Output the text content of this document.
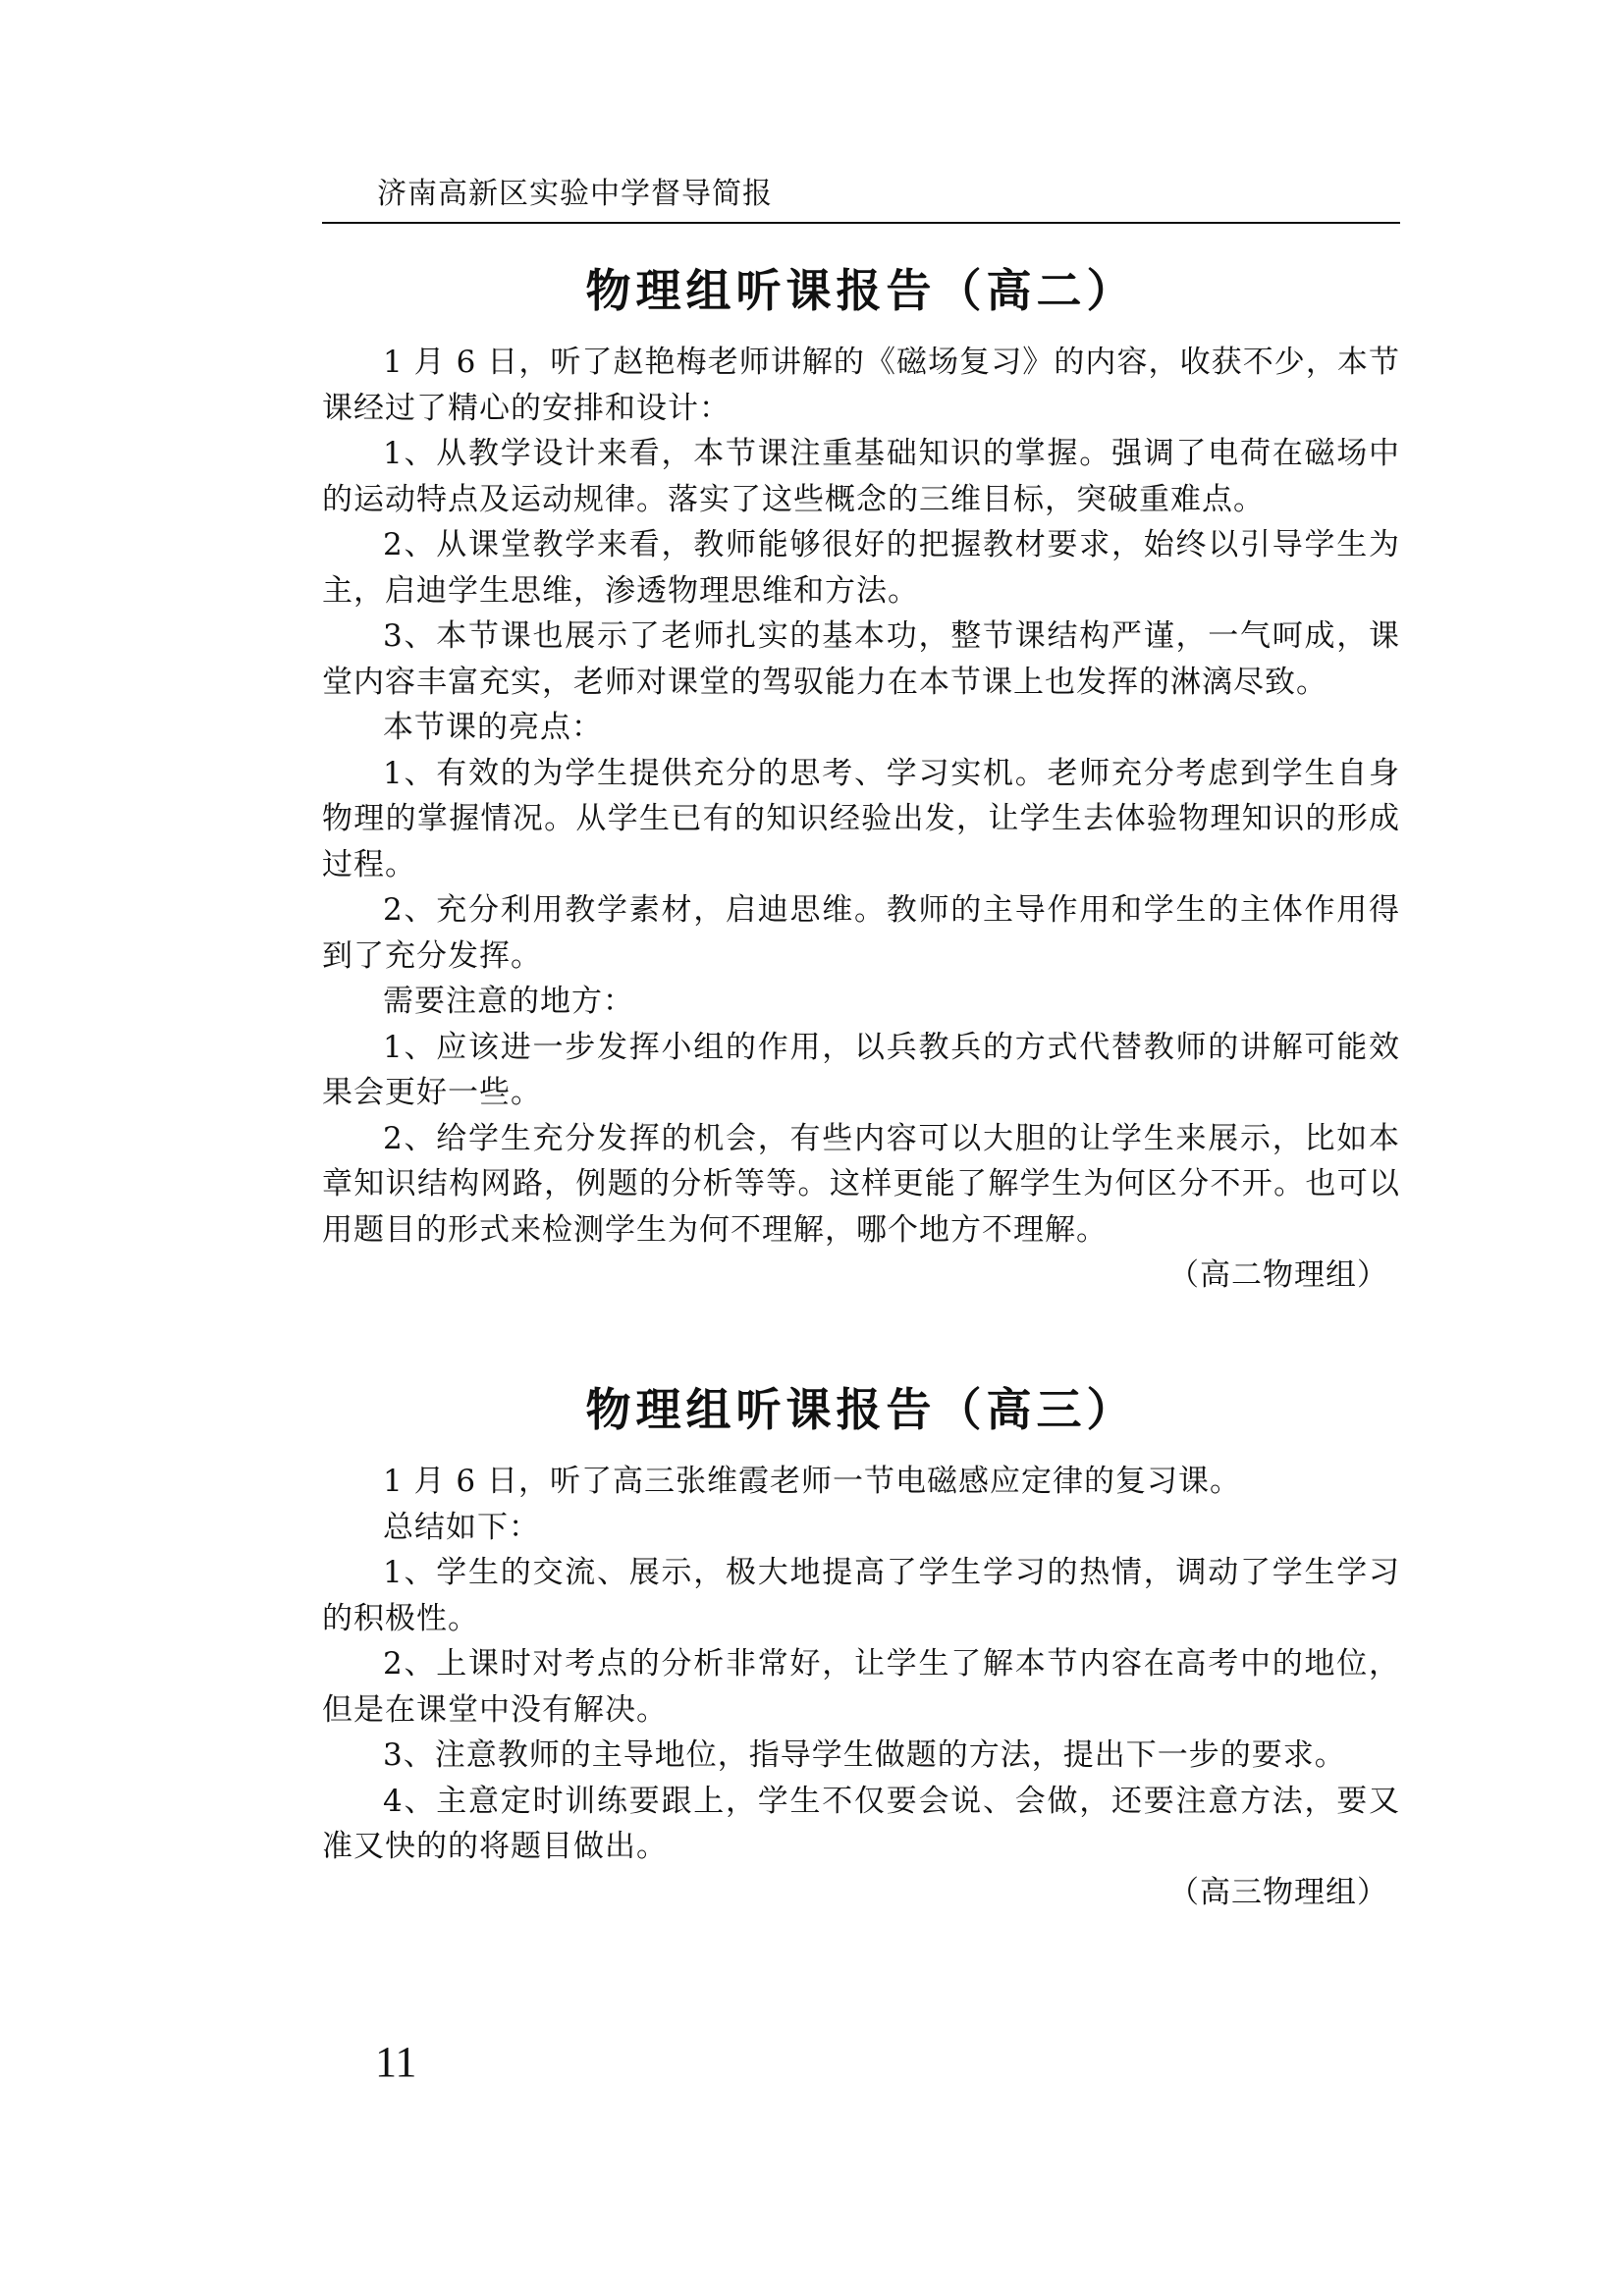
济南高新区实验中学督导简报
物理组听课报告（高二）

1 月 6 日，听了赵艳梅老师讲解的《磁场复习》的内容，收获不少，本节课经过了精心的安排和设计：

1、从教学设计来看，本节课注重基础知识的掌握。强调了电荷在磁场中的运动特点及运动规律。落实了这些概念的三维目标，突破重难点。

2、从课堂教学来看，教师能够很好的把握教材要求，始终以引导学生为主，启迪学生思维，渗透物理思维和方法。

3、本节课也展示了老师扎实的基本功，整节课结构严谨，一气呵成，课堂内容丰富充实，老师对课堂的驾驭能力在本节课上也发挥的淋漓尽致。

本节课的亮点：

1、有效的为学生提供充分的思考、学习实机。老师充分考虑到学生自身物理的掌握情况。从学生已有的知识经验出发，让学生去体验物理知识的形成过程。

2、充分利用教学素材，启迪思维。教师的主导作用和学生的主体作用得到了充分发挥。

需要注意的地方：

1、应该进一步发挥小组的作用，以兵教兵的方式代替教师的讲解可能效果会更好一些。

2、给学生充分发挥的机会，有些内容可以大胆的让学生来展示，比如本章知识结构网路，例题的分析等等。这样更能了解学生为何区分不开。也可以用题目的形式来检测学生为何不理解，哪个地方不理解。

（高二物理组）

物理组听课报告（高三）

1 月 6 日，听了高三张维霞老师一节电磁感应定律的复习课。

总结如下：

1、学生的交流、展示，极大地提高了学生学习的热情，调动了学生学习的积极性。

2、上课时对考点的分析非常好，让学生了解本节内容在高考中的地位，但是在课堂中没有解决。

3、注意教师的主导地位，指导学生做题的方法，提出下一步的要求。

4、主意定时训练要跟上，学生不仅要会说、会做，还要注意方法，要又准又快的的将题目做出。

（高三物理组）

11
